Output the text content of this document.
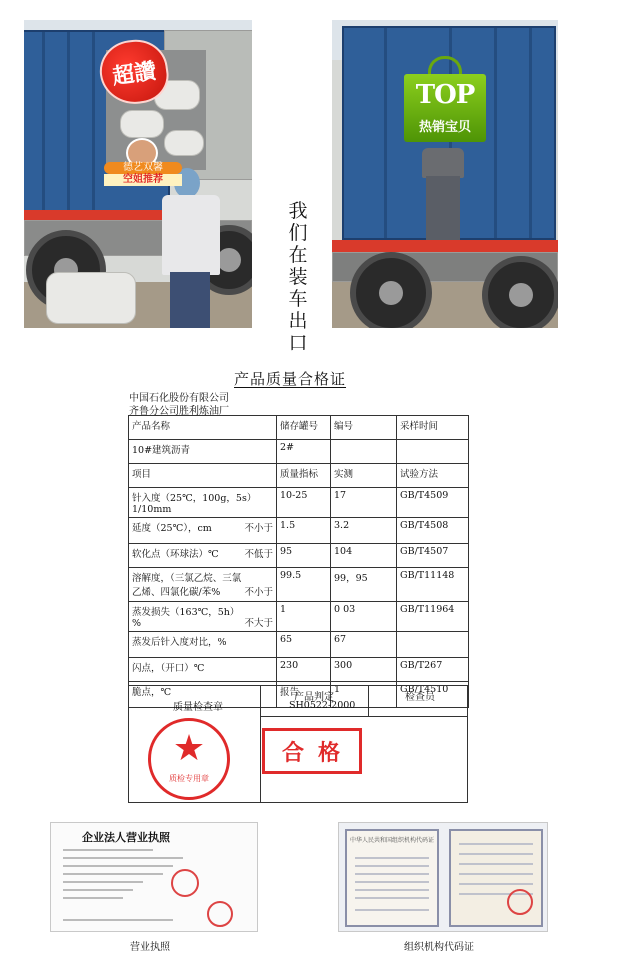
超讚
德艺双馨
空姐推荐
TOP
热销宝贝
我
们
在
装
车
出
口
产品质量合格证
中国石化股份有限公司
齐鲁分公司胜利炼油厂
产品名称	储存罐号	编号	采样时间
10#建筑沥青	2#		
项目	质量指标	实测	试验方法

针入度（25℃，100g，5s）1/10mm	10-25	17	GB/T4509

延度（25℃），cm 不小于	1.5	3.2	GB/T4508

软化点（环球法）℃ 不低于	95	104	GB/T4507

溶解度，（三氯乙烷、三氯乙烯、四氯化碳/苯% 不小于	99.5	99，95	GB/T11148

蒸发损失（163℃，5h）% 不大于	1	0 03	GB/T11964

蒸发后针入度对比，%	65	67	

闪点，（开口）℃	230	300	GB/T267

脆点，℃	报告	1	GB/T4510
质量检查章
产品判定
SH0522-2000
检查员
★
质检专用章
合格
企业法人营业执照	中华人民共和国组织机构代码证
营业执照	组织机构代码证
